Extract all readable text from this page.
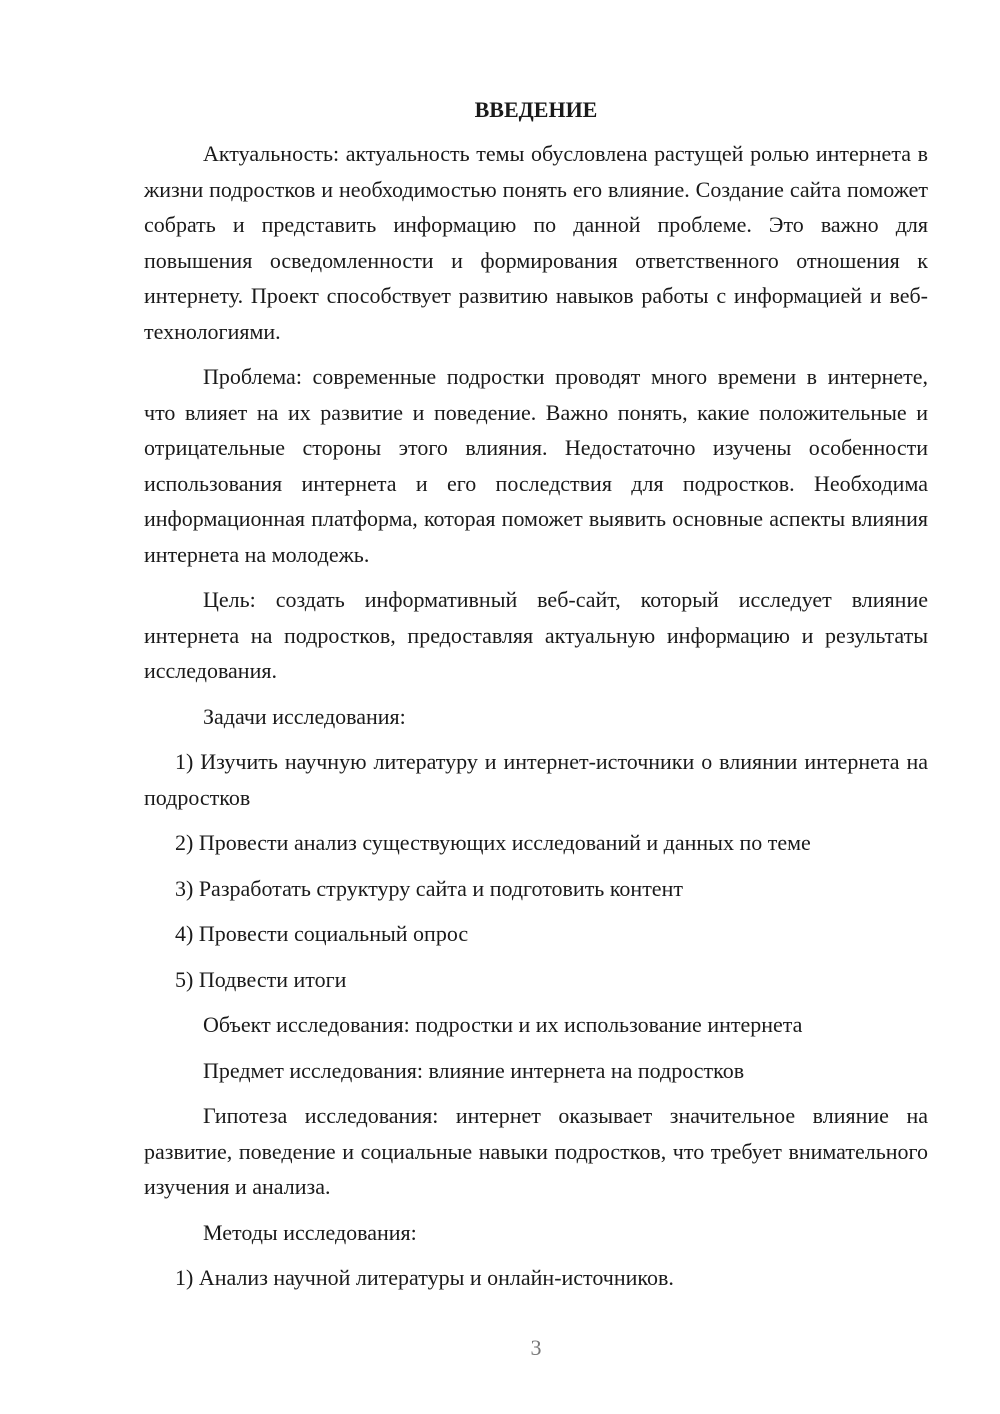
ВВЕДЕНИЕ

Актуальность: актуальность темы обусловлена растущей ролью интернета в жизни подростков и необходимостью понять его влияние. Создание сайта поможет собрать и представить информацию по данной проблеме. Это важно для повышения осведомленности и формирования ответственного отношения к интернету. Проект способствует развитию навыков работы с информацией и веб-технологиями.

Проблема: современные подростки проводят много времени в интернете, что влияет на их развитие и поведение. Важно понять, какие положительные и отрицательные стороны этого влияния. Недостаточно изучены особенности использования интернета и его последствия для подростков. Необходима информационная платформа, которая поможет выявить основные аспекты влияния интернета на молодежь.

Цель: создать информативный веб-сайт, который исследует влияние интернета на подростков, предоставляя актуальную информацию и результаты исследования.

Задачи исследования:

1) Изучить научную литературу и интернет-источники о влиянии интернета на подростков

2) Провести анализ существующих исследований и данных по теме

3) Разработать структуру сайта и подготовить контент

4) Провести социальный опрос

5) Подвести итоги

Объект исследования: подростки и их использование интернета

Предмет исследования: влияние интернета на подростков

Гипотеза исследования: интернет оказывает значительное влияние на развитие, поведение и социальные навыки подростков, что требует внимательного изучения и анализа.

Методы исследования:

1) Анализ научной литературы и онлайн-источников.

3
